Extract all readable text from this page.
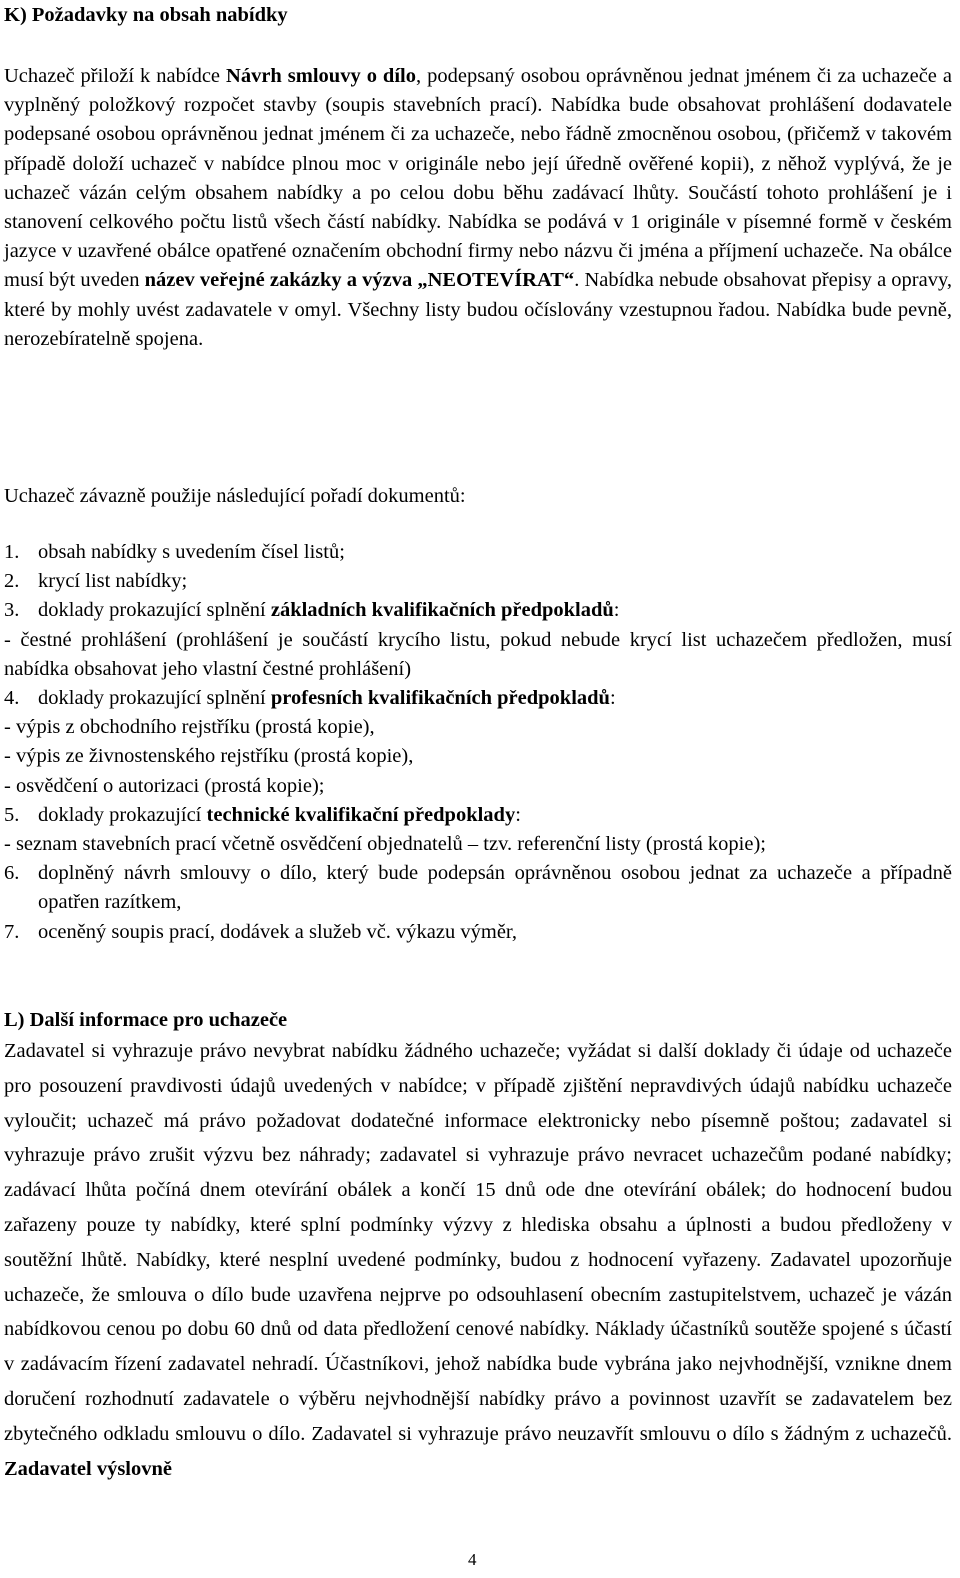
K) Požadavky na obsah nabídky
Uchazeč přiloží k nabídce Návrh smlouvy o dílo, podepsaný osobou oprávněnou jednat jménem či za uchazeče a vyplněný položkový rozpočet stavby (soupis stavebních prací). Nabídka bude obsahovat prohlášení dodavatele podepsané osobou oprávněnou jednat jménem či za uchazeče, nebo řádně zmocněnou osobou, (přičemž v takovém případě doloží uchazeč v nabídce plnou moc v originále nebo její úředně ověřené kopii), z něhož vyplývá, že je uchazeč vázán celým obsahem nabídky a po celou dobu běhu zadávací lhůty. Součástí tohoto prohlášení je i stanovení celkového počtu listů všech částí nabídky. Nabídka se podává v 1 originále v písemné formě v českém jazyce v uzavřené obálce opatřené označením obchodní firmy nebo názvu či jména a příjmení uchazeče. Na obálce musí být uveden název veřejné zakázky a výzva „NEOTEVÍRAT“. Nabídka nebude obsahovat přepisy a opravy, které by mohly uvést zadavatele v omyl. Všechny listy budou očíslovány vzestupnou řadou. Nabídka bude pevně, nerozebíratelně spojena.
Uchazeč závazně použije následující pořadí dokumentů:
1. obsah nabídky s uvedením čísel listů;
2. krycí list nabídky;
3. doklady prokazující splnění základních kvalifikačních předpokladů:
- čestné prohlášení (prohlášení je součástí krycího listu, pokud nebude krycí list uchazečem předložen, musí nabídka obsahovat jeho vlastní čestné prohlášení)
4. doklady prokazující splnění profesních kvalifikačních předpokladů:
- výpis z obchodního rejstříku (prostá kopie),
- výpis ze živnostenského rejstříku (prostá kopie),
- osvědčení o autorizaci (prostá kopie);
5. doklady prokazující technické kvalifikační předpoklady:
- seznam stavebních prací včetně osvědčení objednatelů – tzv. referenční listy (prostá kopie);
6. doplněný návrh smlouvy o dílo, který bude podepsán oprávněnou osobou jednat za uchazeče a případně opatřen razítkem,
7. oceněný soupis prací, dodávek a služeb vč. výkazu výměr,
L) Další informace pro uchazeče
Zadavatel si vyhrazuje právo nevybrat nabídku žádného uchazeče; vyžádat si další doklady či údaje od uchazeče pro posouzení pravdivosti údajů uvedených v nabídce; v případě zjištění nepravdivých údajů nabídku uchazeče vyloučit; uchazeč má právo požadovat dodatečné informace elektronicky nebo písemně poštou; zadavatel si vyhrazuje právo zrušit výzvu bez náhrady; zadavatel si vyhrazuje právo nevracet uchazečům podané nabídky; zadávací lhůta počíná dnem otevírání obálek a končí 15 dnů ode dne otevírání obálek; do hodnocení budou zařazeny pouze ty nabídky, které splní podmínky výzvy z hlediska obsahu a úplnosti a budou předloženy v soutěžní lhůtě. Nabídky, které nesplní uvedené podmínky, budou z hodnocení vyřazeny. Zadavatel upozorňuje uchazeče, že smlouva o dílo bude uzavřena nejprve po odsouhlasení obecním zastupitelstvem, uchazeč je vázán nabídkovou cenou po dobu 60 dnů od data předložení cenové nabídky. Náklady účastníků soutěže spojené s účastí v zadávacím řízení zadavatel nehradí. Účastníkovi, jehož nabídka bude vybrána jako nejvhodnější, vznikne dnem doručení rozhodnutí zadavatele o výběru nejvhodnější nabídky právo a povinnost uzavřít se zadavatelem bez zbytečného odkladu smlouvu o dílo. Zadavatel si vyhrazuje právo neuzavřít smlouvu o dílo s žádným z uchazečů. Zadavatel výslovně
4
